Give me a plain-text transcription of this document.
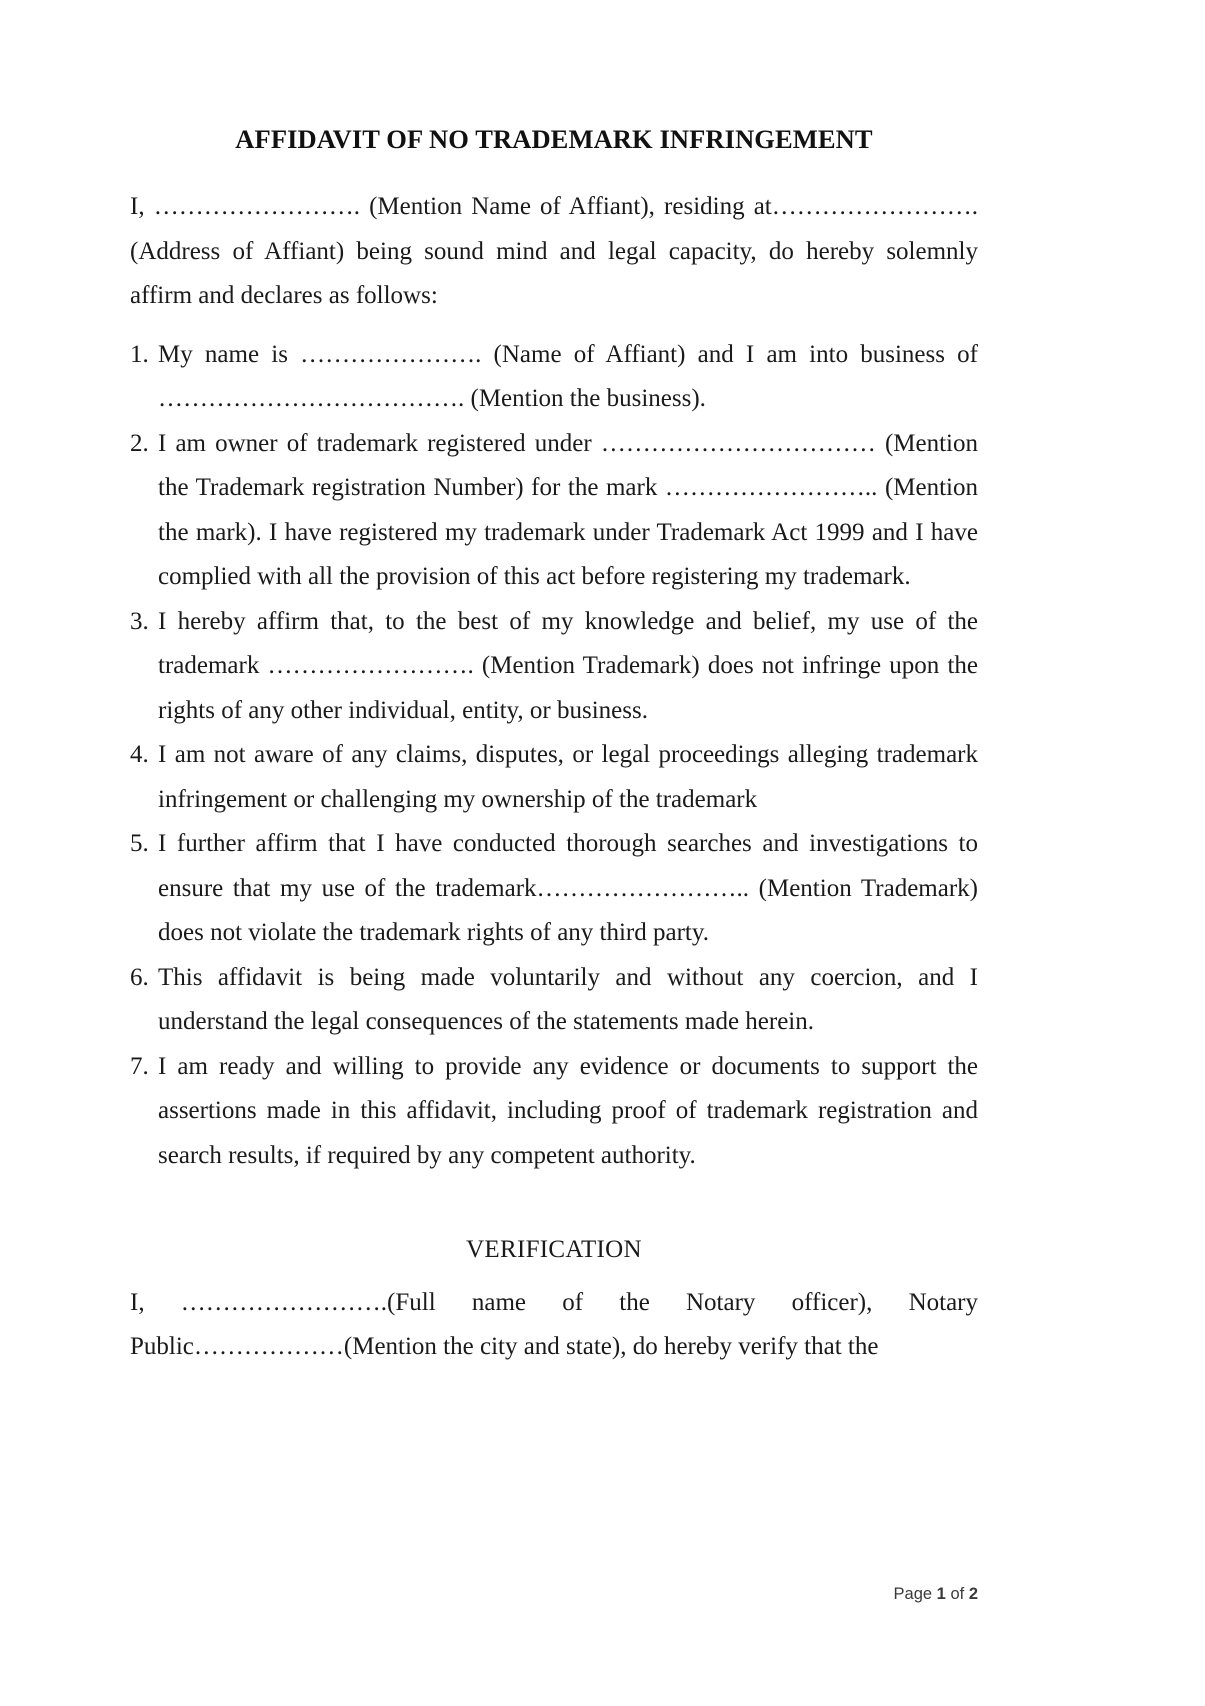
AFFIDAVIT OF NO TRADEMARK INFRINGEMENT

I, ……………………. (Mention Name of Affiant), residing at……………………. (Address of Affiant) being sound mind and legal capacity, do hereby solemnly affirm and declares as follows:

1. My name is …………………. (Name of Affiant) and I am into business of ………………………………. (Mention the business).
2. I am owner of trademark registered under …………………………… (Mention the Trademark registration Number) for the mark …………………….. (Mention the mark). I have registered my trademark under Trademark Act 1999 and I have complied with all the provision of this act before registering my trademark.
3. I hereby affirm that, to the best of my knowledge and belief, my use of the trademark ……………………. (Mention Trademark) does not infringe upon the rights of any other individual, entity, or business.
4. I am not aware of any claims, disputes, or legal proceedings alleging trademark infringement or challenging my ownership of the trademark
5. I further affirm that I have conducted thorough searches and investigations to ensure that my use of the trademark…………………….. (Mention Trademark) does not violate the trademark rights of any third party.
6. This affidavit is being made voluntarily and without any coercion, and I understand the legal consequences of the statements made herein.
7. I am ready and willing to provide any evidence or documents to support the assertions made in this affidavit, including proof of trademark registration and search results, if required by any competent authority.
VERIFICATION

I, …………………….(Full name of the Notary officer), Notary Public………………(Mention the city and state), do hereby verify that the

Page 1 of 2
